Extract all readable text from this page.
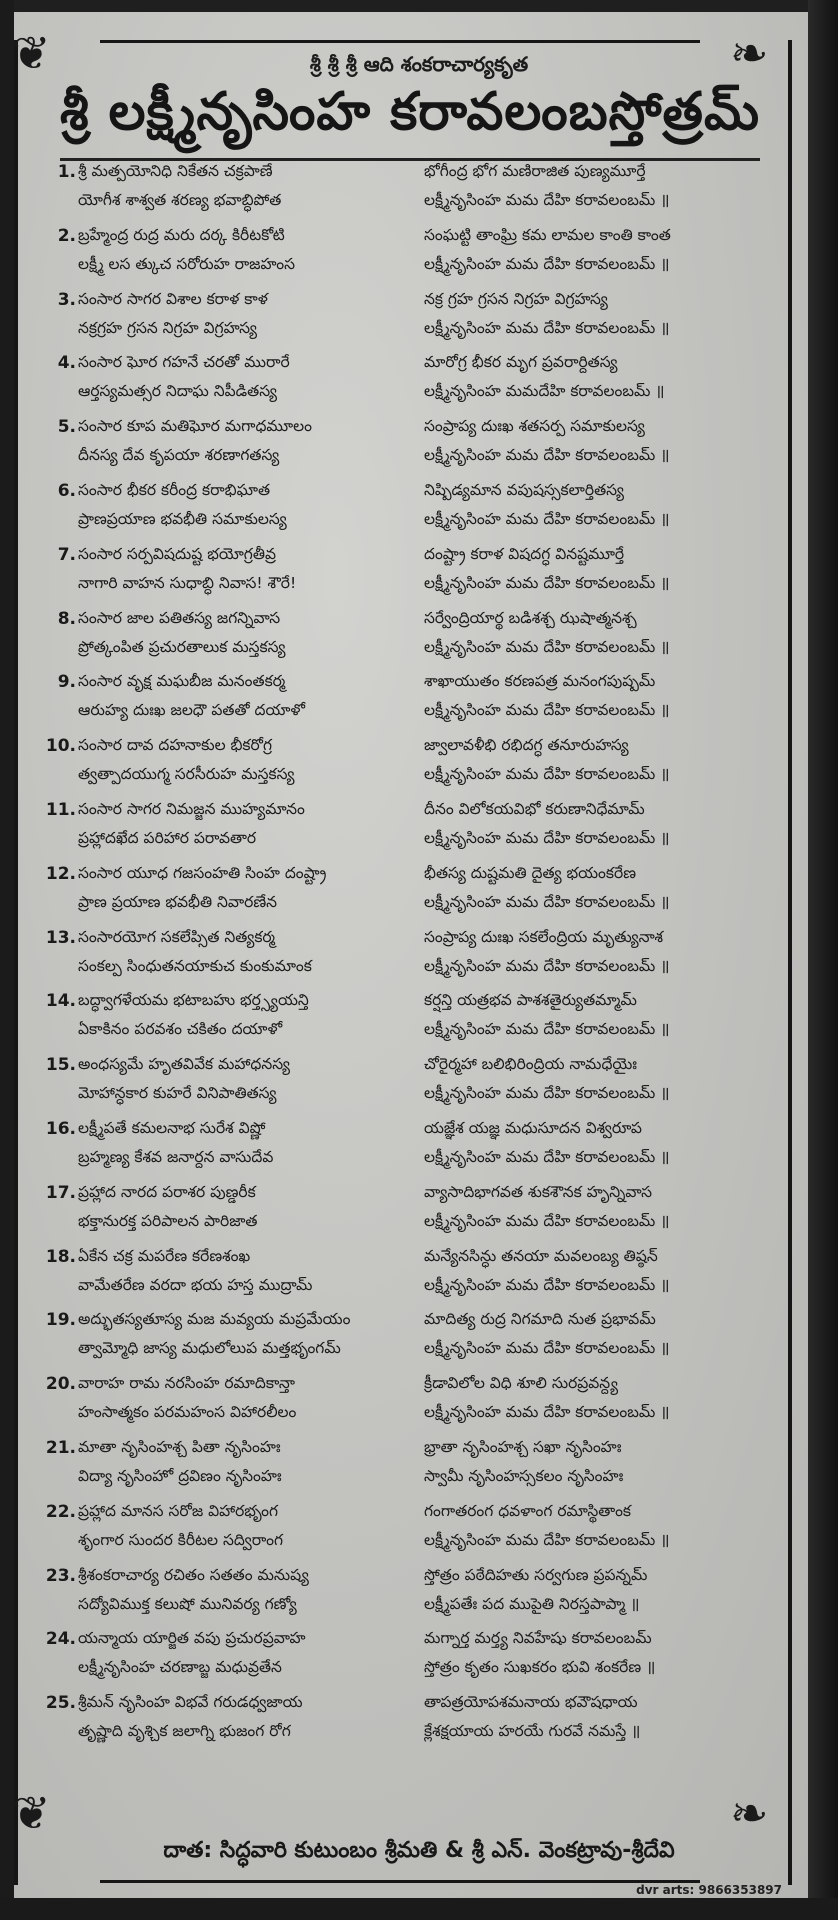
❦	❧
❦	❧
శ్రీ శ్రీ శ్రీ ఆది శంకరాచార్యకృత
శ్రీ లక్ష్మీనృసింహ కరావలంబస్తోత్రమ్
1. శ్రీ మత్పయోనిధి నికేతన చక్రపాణే
యోగీశ శాశ్వత శరణ్య భవాబ్ధిపోత
భోగీంద్ర భోగ మణిరాజిత పుణ్యమూర్తే
లక్ష్మీనృసింహ మమ దేహి కరావలంబమ్ ॥
2. బ్రహ్మేంద్ర రుద్ర మరు దర్క కిరీటకోటి
లక్ష్మీ లస త్కుచ సరోరుహ రాజహంస
సంఘట్టి తాంఘ్రి కమ లామల కాంతి కాంత
లక్ష్మీనృసింహ మమ దేహి కరావలంబమ్ ॥
3. సంసార సాగర విశాల కరాళ కాళ
నక్రగ్రహ గ్రసన నిగ్రహ విగ్రహస్య
నక్ర గ్రహ గ్రసన నిగ్రహ విగ్రహస్య
లక్ష్మీనృసింహ మమ దేహి కరావలంబమ్ ॥
4. సంసార ఘోర గహనే చరతో మురారే
ఆర్తస్యమత్సర నిదాఘ నిపీడితస్య
మారోగ్ర భీకర మృగ ప్రవరార్దితస్య
లక్ష్మీనృసింహ మమదేహి కరావలంబమ్ ॥
5. సంసార కూప మతిఘోర మగాధమూలం
దీనస్య దేవ కృపయా శరణాగతస్య
సంప్రాప్య దుఃఖ శతసర్ప సమాకులస్య
లక్ష్మీనృసింహ మమ దేహి కరావలంబమ్ ॥
6. సంసార భీకర కరీంద్ర కరాభిఘాత
ప్రాణప్రయాణ భవభీతి సమాకులస్య
నిష్పిడ్యమాన వపుషస్సకలార్తితస్య
లక్ష్మీనృసింహ మమ దేహి కరావలంబమ్ ॥
7. సంసార సర్పవిషదుష్ట భయోగ్రతీవ్ర
నాగారి వాహన సుధాబ్ధి నివాస! శౌరే!
దంష్ట్రా కరాళ విషదగ్ధ వినష్టమూర్తే
లక్ష్మీనృసింహ మమ దేహి కరావలంబమ్ ॥
8. సంసార జాల పతితస్య జగన్నివాస
ప్రోత్కంపిత ప్రచురతాలుక మస్తకస్య
సర్వేంద్రియార్థ బడిశశ్చ ఝషాత్మనశ్చ
లక్ష్మీనృసింహ మమ దేహి కరావలంబమ్ ॥
9. సంసార వృక్ష మఘబీజ మనంతకర్మ
ఆరుహ్య దుఃఖ జలధౌ పతతో దయాళో
శాఖాయుతం కరణపత్ర మనంగపుష్పమ్
లక్ష్మీనృసింహ మమ దేహి కరావలంబమ్ ॥
10. సంసార దావ దహనాకుల భీకరోగ్ర
త్వత్పాదయుగ్మ సరసీరుహ మస్తకస్య
జ్వాలావళీభి రభిదగ్ధ తనూరుహస్య
లక్ష్మీనృసింహ మమ దేహి కరావలంబమ్ ॥
11. సంసార సాగర నిమజ్జన ముహ్యమానం
ప్రహ్లాదఖేద పరిహార పరావతార
దీనం విలోకయవిభో కరుణానిధేమామ్
లక్ష్మీనృసింహ మమ దేహి కరావలంబమ్ ॥
12. సంసార యూధ గజసంహతి సింహ దంష్ట్రా
ప్రాణ ప్రయాణ భవభీతి నివారణేన
భీతస్య దుష్టమతి దైత్య భయంకరేణ
లక్ష్మీనృసింహ మమ దేహి కరావలంబమ్ ॥
13. సంసారయోగ సకలేప్సిత నిత్యకర్మ
సంకల్ప సింధుతనయాకుచ కుంకుమాంక
సంప్రాప్య దుఃఖ సకలేంద్రియ మృత్యునాశ
లక్ష్మీనృసింహ మమ దేహి కరావలంబమ్ ॥
14. బద్ధ్వాగళేయమ భటాబహు భర్త్స్యయన్తి
ఏకాకినం పరవశం చకితం దయాళో
కర్షన్తి యత్రభవ పాశశతైర్యుతమ్మామ్
లక్ష్మీనృసింహ మమ దేహి కరావలంబమ్ ॥
15. అంధస్యమే హృతవివేక మహాధనస్య
మోహాన్ధకార కుహరే వినిపాతితస్య
చోరైర్మహా బలిభిరింద్రియ నామధేయైః
లక్ష్మీనృసింహ మమ దేహి కరావలంబమ్ ॥
16. లక్ష్మీపతే కమలనాభ సురేశ విష్ణో
బ్రహ్మణ్య కేశవ జనార్దన వాసుదేవ
యజ్ఞేశ యజ్ఞ మధుసూదన విశ్వరూప
లక్ష్మీనృసింహ మమ దేహి కరావలంబమ్ ॥
17. ప్రహ్లాద నారద పరాశర పుణ్డరీక
భక్తానురక్త పరిపాలన పారిజాత
వ్యాసాదిభాగవత శుకశౌనక హృన్నివాస
లక్ష్మీనృసింహ మమ దేహి కరావలంబమ్ ॥
18. ఏకేన చక్ర మపరేణ కరేణశంఖ
వామేతరేణ వరదా భయ హస్త ముద్రామ్
మన్యేనసిన్ధు తనయా మవలంబ్య తిష్ఠన్
లక్ష్మీనృసింహ మమ దేహి కరావలంబమ్ ॥
19. అద్భుతస్యతూస్య మజ మవ్యయ మప్రమేయం
త్వామ్మోధి జాస్య మధులోలుప మత్తభృంగమ్
మాదిత్య రుద్ర నిగమాది నుత ప్రభావమ్
లక్ష్మీనృసింహ మమ దేహి కరావలంబమ్ ॥
20. వారాహ రామ నరసింహ రమాదికాన్తా
హంసాత్మకం పరమహంస విహారలీలం
క్రీడావిలోల విధి శూలి సురప్రవన్ద్య
లక్ష్మీనృసింహ మమ దేహి కరావలంబమ్ ॥
21. మాతా నృసింహశ్చ పితా నృసింహః
విద్యా నృసింహో ద్రవిణం నృసింహః
భ్రాతా నృసింహశ్చ సఖా నృసింహః
స్వామీ నృసింహస్సకలం నృసింహః
22. ప్రహ్లాద మానస సరోజ విహారభృంగ
శృంగార సుందర కిరీటల సద్విరాంగ
గంగాతరంగ ధవళాంగ రమాస్థితాంక
లక్ష్మీనృసింహ మమ దేహి కరావలంబమ్ ॥
23. శ్రీశంకరాచార్య రచితం సతతం మనుష్య
సద్యోవిముక్త కలుషో మునివర్య గణ్యో
స్తోత్రం పఠేదిహతు సర్వగుణ ప్రపన్నమ్
లక్ష్మీపతేః పద ముపైతి నిరస్తపాప్మా ॥
24. యన్మాయ యార్జిత వపు ప్రచురప్రవాహ
లక్ష్మీనృసింహ చరణాబ్జ మధువ్రతేన
మగ్నార్త మర్త్య నివహేషు కరావలంబమ్
స్తోత్రం కృతం సుఖకరం భువి శంకరేణ ॥
25. శ్రీమన్ నృసింహ విభవే గరుడధ్వజాయ
తృష్ణాది వృశ్చిక జలాగ్ని భుజంగ రోగ
తాపత్రయోపశమనాయ భవౌషధాయ
క్లేశక్షయాయ హరయే గురవే నమస్తే ॥
దాత: సిద్ధవారి కుటుంబం శ్రీమతి & శ్రీ ఎన్. వెంకట్రావు-శ్రీదేవి
dvr arts: 9866353897
